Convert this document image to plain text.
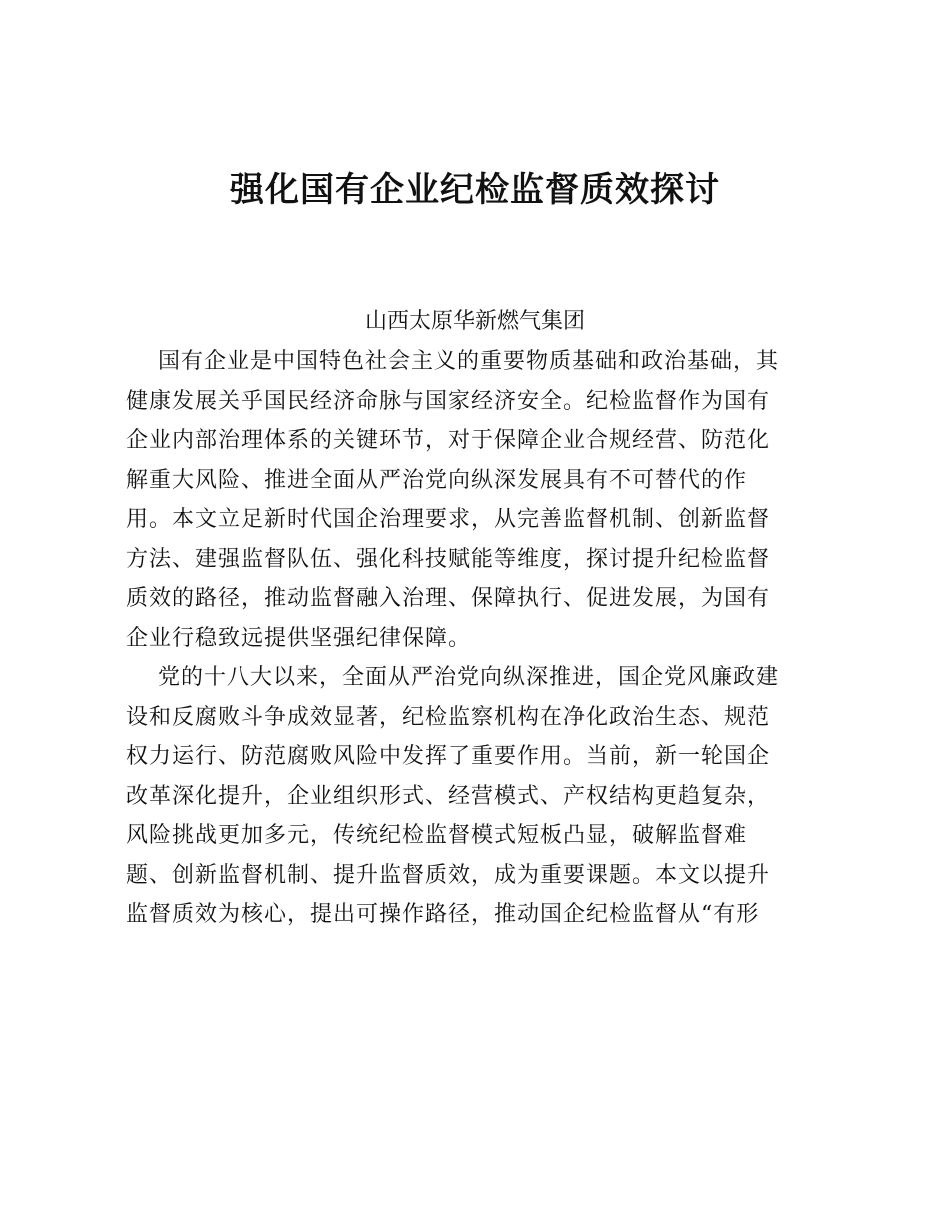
强化国有企业纪检监督质效探讨

山西太原华新燃气集团

国有企业是中国特色社会主义的重要物质基础和政治基础，其
健康发展关乎国民经济命脉与国家经济安全。纪检监督作为国有
企业内部治理体系的关键环节，对于保障企业合规经营、防范化
解重大风险、推进全面从严治党向纵深发展具有不可替代的作
用。本文立足新时代国企治理要求，从完善监督机制、创新监督
方法、建强监督队伍、强化科技赋能等维度，探讨提升纪检监督
质效的路径，推动监督融入治理、保障执行、促进发展，为国有
企业行稳致远提供坚强纪律保障。

党的十八大以来，全面从严治党向纵深推进，国企党风廉政建
设和反腐败斗争成效显著，纪检监察机构在净化政治生态、规范
权力运行、防范腐败风险中发挥了重要作用。当前，新一轮国企
改革深化提升，企业组织形式、经营模式、产权结构更趋复杂，
风险挑战更加多元，传统纪检监督模式短板凸显，破解监督难
题、创新监督机制、提升监督质效，成为重要课题。本文以提升
监督质效为核心，提出可操作路径，推动国企纪检监督从“有形
